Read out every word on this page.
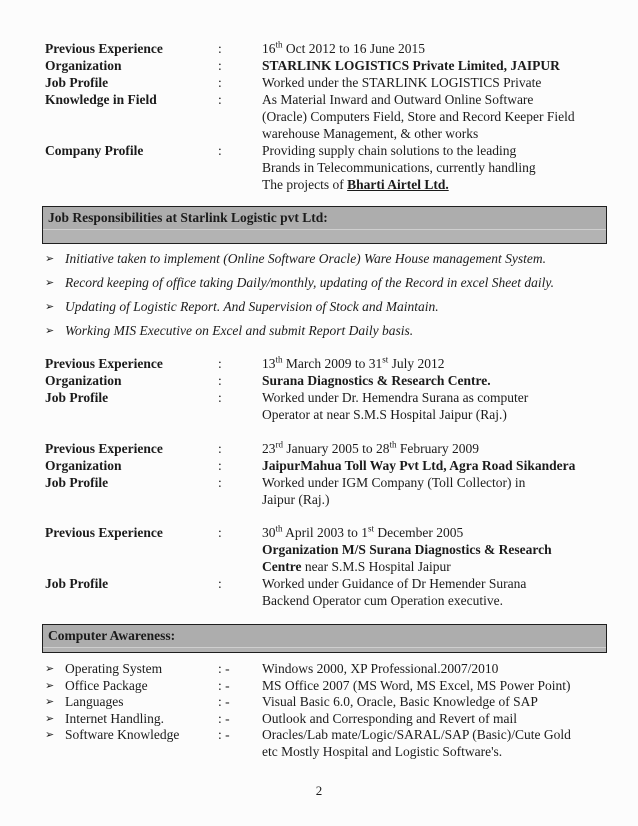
Previous Experience	:	16th Oct 2012 to 16 June 2015
Organization	:	STARLINK LOGISTICS Private Limited, JAIPUR
Job Profile	:	Worked under the STARLINK LOGISTICS Private
Knowledge in Field	:	As Material Inward and Outward Online Software
(Oracle) Computers Field, Store and Record Keeper Field
warehouse Management, & other works
Company Profile	:	Providing supply chain solutions to the leading
Brands in Telecommunications, currently handling
The projects of Bharti Airtel Ltd.
Job Responsibilities at Starlink Logistic pvt Ltd:
➢ Initiative taken to implement (Online Software Oracle) Ware House management System.
➢ Record keeping of office taking Daily/monthly, updating of the Record in excel Sheet daily.
➢ Updating of Logistic Report. And Supervision of Stock and Maintain.
➢ Working MIS Executive on Excel and submit Report Daily basis.
Previous Experience	:	13th March 2009 to 31st July 2012
Organization	:	Surana Diagnostics & Research Centre.
Job Profile	:	Worked under Dr. Hemendra Surana as computer
Operator at near S.M.S Hospital Jaipur (Raj.)
Previous Experience	:	23rd January 2005 to 28th February 2009
Organization	:	JaipurMahua Toll Way Pvt Ltd, Agra Road Sikandera
Job Profile	:	Worked under IGM Company (Toll Collector) in
Jaipur (Raj.)
Previous Experience	:	30th April 2003 to 1st December 2005
Organization M/S Surana Diagnostics & Research
Centre near S.M.S Hospital Jaipur
Job Profile	:	Worked under Guidance of Dr Hemender Surana
Backend Operator cum Operation executive.
Computer Awareness:
➢ Operating System	: -	Windows 2000, XP Professional.2007/2010
➢ Office Package	: -	MS Office 2007 (MS Word, MS Excel, MS Power Point)
➢ Languages	: -	Visual Basic 6.0, Oracle, Basic Knowledge of SAP
➢ Internet Handling.	: -	Outlook and Corresponding and Revert of mail
➢ Software Knowledge	: -	Oracles/Lab mate/Logic/SARAL/SAP (Basic)/Cute Gold
etc Mostly Hospital and Logistic Software's.
2
